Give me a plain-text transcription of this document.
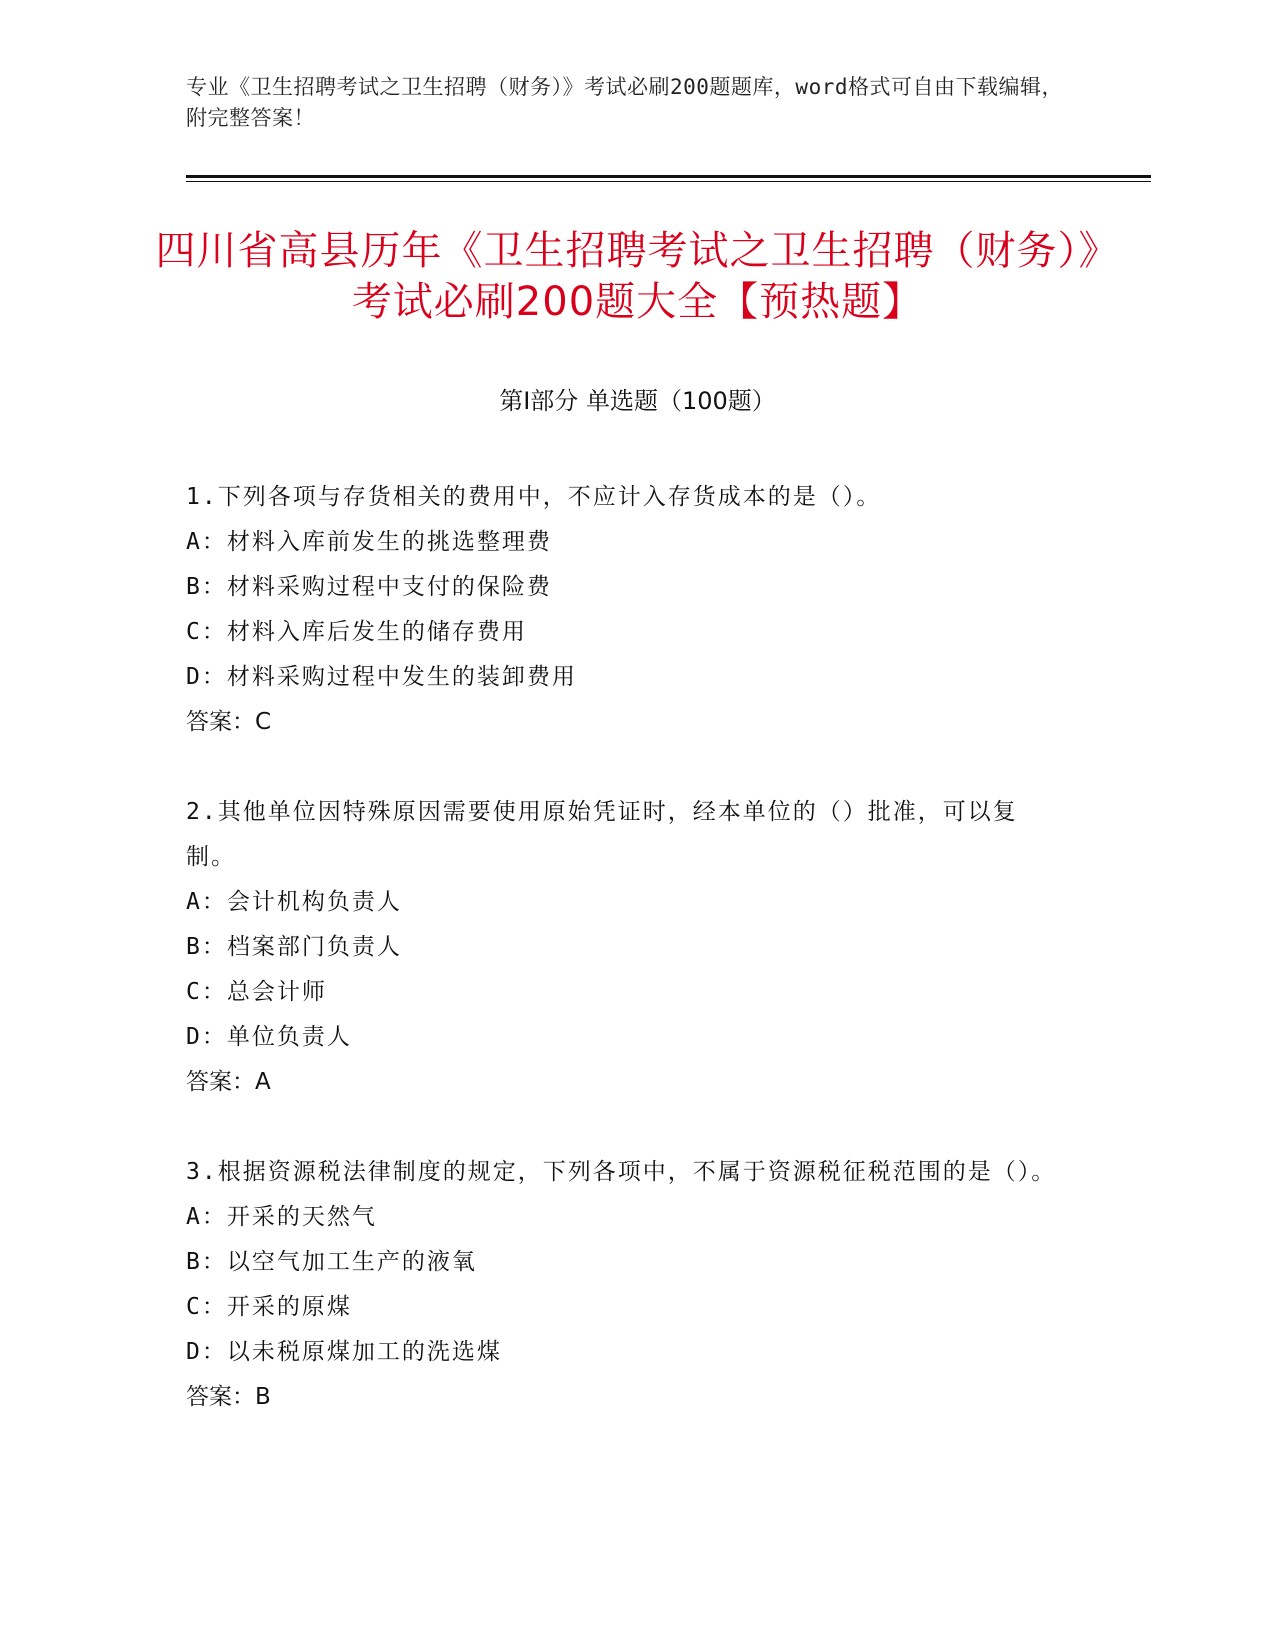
专业《卫生招聘考试之卫生招聘（财务）》考试必刷200题题库，word格式可自由下载编辑，附完整答案！
四川省高县历年《卫生招聘考试之卫生招聘（财务）》考试必刷200题大全【预热题】
第Ⅰ部分 单选题（100题）
1.下列各项与存货相关的费用中，不应计入存货成本的是（）。
A：材料入库前发生的挑选整理费
B：材料采购过程中支付的保险费
C：材料入库后发生的储存费用
D：材料采购过程中发生的装卸费用
答案：C
2.其他单位因特殊原因需要使用原始凭证时，经本单位的（）批准，可以复制。
A：会计机构负责人
B：档案部门负责人
C：总会计师
D：单位负责人
答案：A
3.根据资源税法律制度的规定，下列各项中，不属于资源税征税范围的是（）。
A：开采的天然气
B：以空气加工生产的液氧
C：开采的原煤
D：以未税原煤加工的洗选煤
答案：B
